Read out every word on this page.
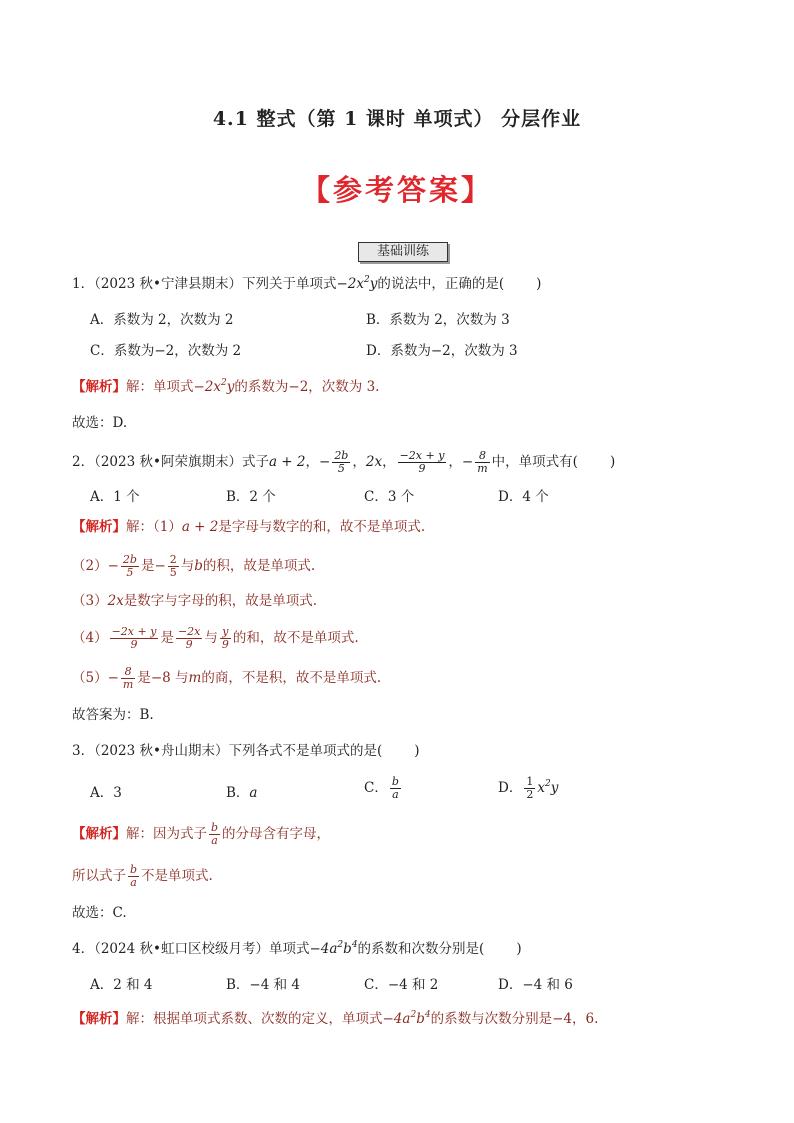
4.1 整式（第 1 课时 单项式） 分层作业
【参考答案】
基础训练
1．（2023 秋•宁津县期末）下列关于单项式$-2x^2y$的说法中，正确的是( )
A．系数为 2，次数为 2	B．系数为 2，次数为 3
C．系数为−2，次数为 2	D．系数为−2，次数为 3
【解析】解：单项式$-2x^2y$的系数为−2，次数为 3.
故选：D.
2．（2023 秋•阿荣旗期末）式子a + 2，− $\frac{2b}{5}$ ，2x， $\frac{-2x + y}{9}$ ，− $\frac{8}{m}$ 中，单项式有( )
A．1 个	B．2 个	C．3 个	D．4 个
【解析】解：（1）a + 2是字母与数字的和，故不是单项式.
$(2)- \frac{2b}{5}$ 是− $\frac{2}{5}$ 与b的积，故是单项式.
（3）2x是数字与字母的积，故是单项式.
$(4) \frac{-2x + y}{9}$ 是 $\frac{-2x}{9}$ 与 $\frac{y}{9}$ 的和，故不是单项式.
$(5)- \frac{8}{m}$ 是−8 与m的商，不是积，故不是单项式.
故答案为：B.
3．（2023 秋•舟山期末）下列各式不是单项式的是( )
A．3	B．a	C． $\frac{b}{a}$	D． $\frac{1}{2} x^2y$
【解析】解：因为式子 $\frac{b}{a}$ 的分母含有字母，
所以式子 $\frac{b}{a}$ 不是单项式.
故选：C.
4．（2024 秋•虹口区校级月考）单项式$-4a^2b^4$的系数和次数分别是( )
A．2 和 4	B．−4 和 4	C．−4 和 2	D．−4 和 6
【解析】解：根据单项式系数、次数的定义，单项式$-4a^2b^4$的系数与次数分别是−4，6.
